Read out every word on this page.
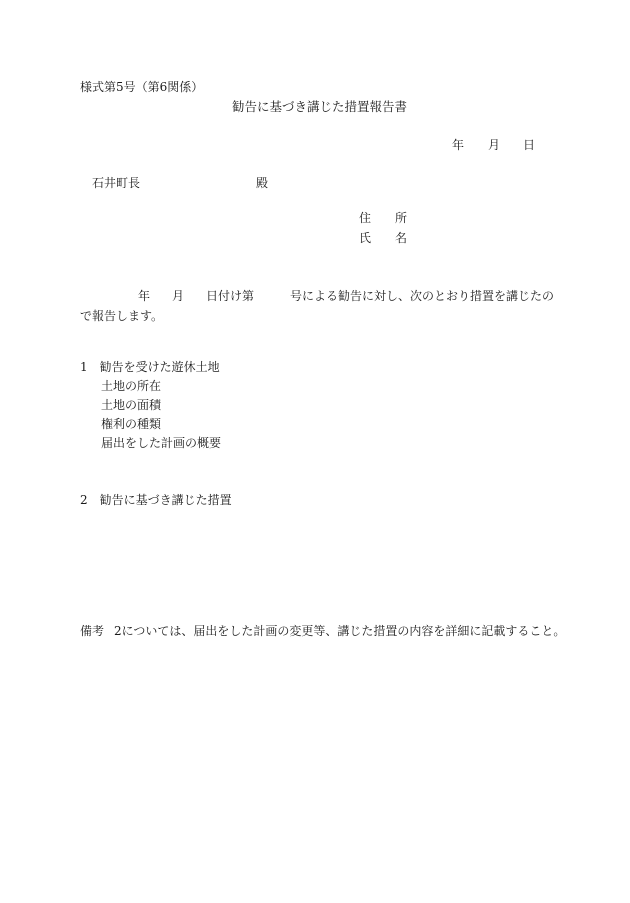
様式第5号（第6関係）

勧告に基づき講じた措置報告書

年 月 日
石井町長	殿
住　　所
氏　　名
年 月 日付け第	号による勧告に対し、次のとおり措置を講じたの
で報告します。

1　勧告を受けた遊休土地

土地の所在

土地の面積

権利の種類

届出をした計画の概要

2　勧告に基づき講じた措置

備考 2については、届出をした計画の変更等、講じた措置の内容を詳細に記載すること。
